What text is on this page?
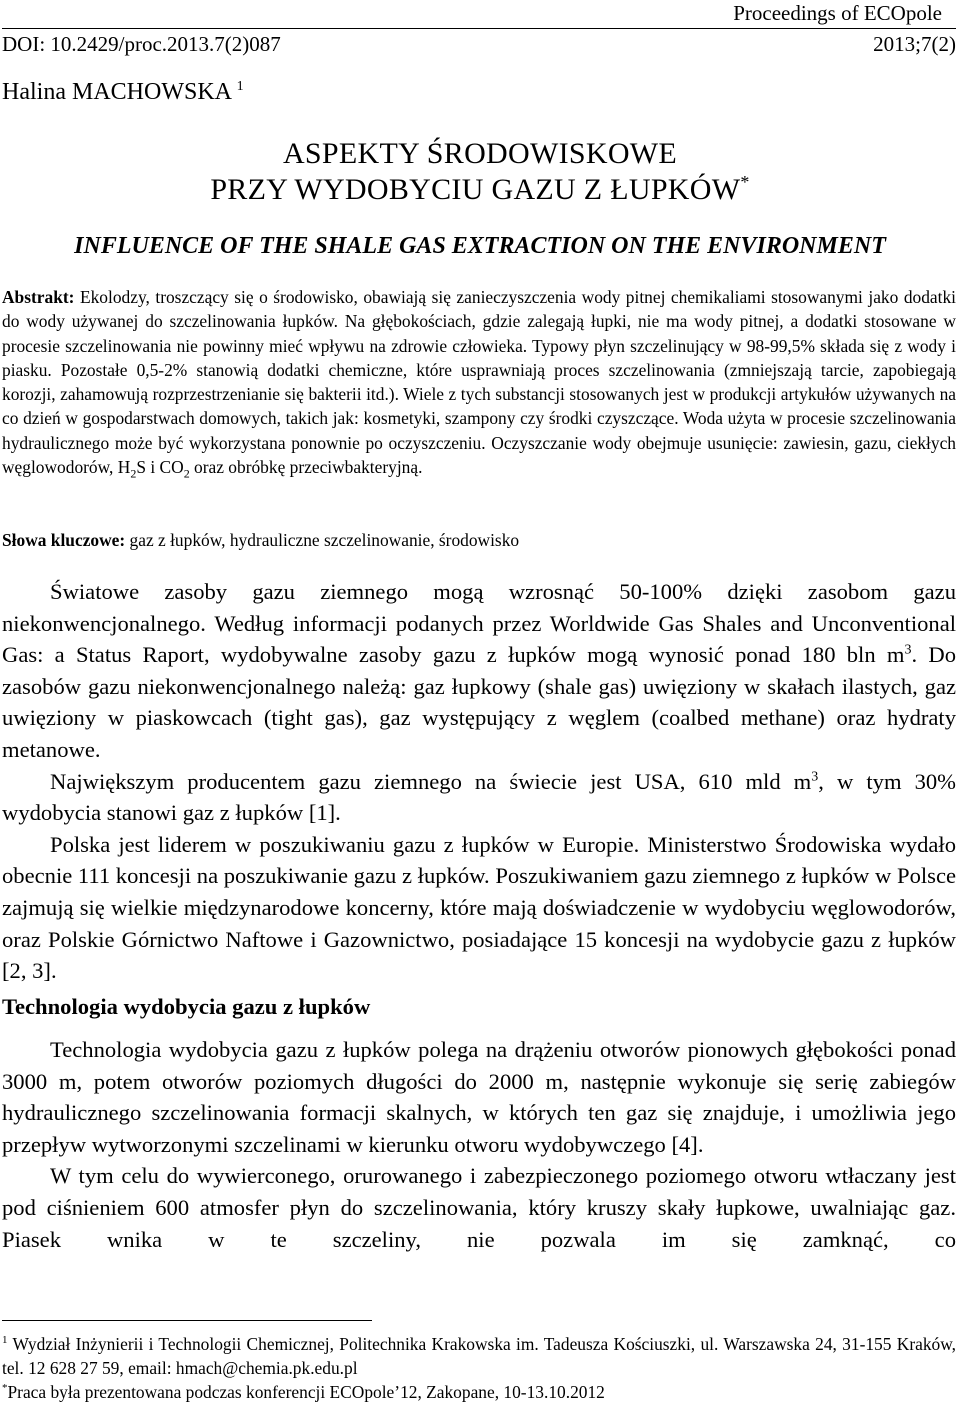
Proceedings of ECOpole
DOI: 10.2429/proc.2013.7(2)087	2013;7(2)
Halina MACHOWSKA $^1$
ASPEKTY ŚRODOWISKOWE
PRZY WYDOBYCIU GAZU Z ŁUPKÓW*
INFLUENCE OF THE SHALE GAS EXTRACTION ON THE ENVIRONMENT
Abstrakt: Ekolodzy, troszczący się o środowisko, obawiają się zanieczyszczenia wody pitnej chemikaliami stosowanymi jako dodatki do wody używanej do szczelinowania łupków. Na głębokościach, gdzie zalegają łupki, nie ma wody pitnej, a dodatki stosowane w procesie szczelinowania nie powinny mieć wpływu na zdrowie człowieka. Typowy płyn szczelinujący w 98-99,5% składa się z wody i piasku. Pozostałe 0,5-2% stanowią dodatki chemiczne, które usprawniają proces szczelinowania (zmniejszają tarcie, zapobiegają korozji, zahamowują rozprzestrzenianie się bakterii itd.). Wiele z tych substancji stosowanych jest w produkcji artykułów używanych na co dzień w gospodarstwach domowych, takich jak: kosmetyki, szampony czy środki czyszczące. Woda użyta w procesie szczelinowania hydraulicznego może być wykorzystana ponownie po oczyszczeniu. Oczyszczanie wody obejmuje usunięcie: zawiesin, gazu, ciekłych węglowodorów, $H_2S$ i $CO_2$ oraz obróbkę przeciwbakteryjną.
Słowa kluczowe: gaz z łupków, hydrauliczne szczelinowanie, środowisko

Światowe zasoby gazu ziemnego mogą wzrosnąć 50-100% dzięki zasobom gazu niekonwencjonalnego. Według informacji podanych przez Worldwide Gas Shales and Unconventional Gas: a Status Raport, wydobywalne zasoby gazu z łupków mogą wynosić ponad 180 bln $m^3$. Do zasobów gazu niekonwencjonalnego należą: gaz łupkowy (shale gas) uwięziony w skałach ilastych, gaz uwięziony w piaskowcach (tight gas), gaz występujący z węglem (coalbed methane) oraz hydraty metanowe.

Największym producentem gazu ziemnego na świecie jest USA, 610 mld $m^3$, w tym 30% wydobycia stanowi gaz z łupków [1].

Polska jest liderem w poszukiwaniu gazu z łupków w Europie. Ministerstwo Środowiska wydało obecnie 111 koncesji na poszukiwanie gazu z łupków. Poszukiwaniem gazu ziemnego z łupków w Polsce zajmują się wielkie międzynarodowe koncerny, które mają doświadczenie w wydobyciu węglowodorów, oraz Polskie Górnictwo Naftowe i Gazownictwo, posiadające 15 koncesji na wydobycie gazu z łupków [2, 3].

Technologia wydobycia gazu z łupków

Technologia wydobycia gazu z łupków polega na drążeniu otworów pionowych głębokości ponad 3000 m, potem otworów poziomych długości do 2000 m, następnie wykonuje się serię zabiegów hydraulicznego szczelinowania formacji skalnych, w których ten gaz się znajduje, i umożliwia jego przepływ wytworzonymi szczelinami w kierunku otworu wydobywczego [4].

W tym celu do wywierconego, orurowanego i zabezpieczonego poziomego otworu wtłaczany jest pod ciśnieniem 600 atmosfer płyn do szczelinowania, który kruszy skały łupkowe, uwalniając gaz. Piasek wnika w te szczeliny, nie pozwala im się zamknąć, co

$^1$ Wydział Inżynierii i Technologii Chemicznej, Politechnika Krakowska im. Tadeusza Kościuszki, ul. Warszawska 24, 31-155 Kraków, tel. 12 628 27 59, email: hmach@chemia.pk.edu.pl

*Praca była prezentowana podczas konferencji ECOpole’12, Zakopane, 10-13.10.2012
